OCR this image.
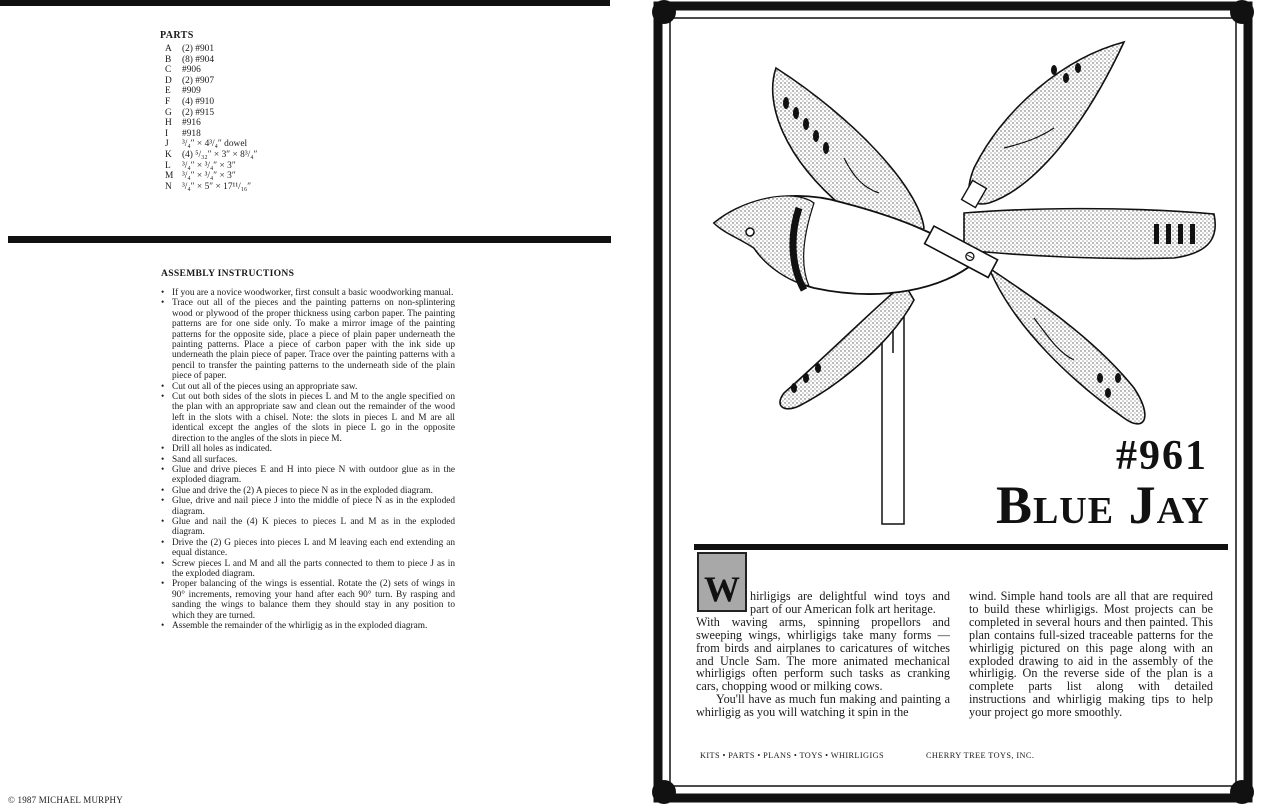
PARTS
A	(2) #901
B	(8) #904
C	#906
D	(2) #907
E	#909
F	(4) #910
G	(2) #915
H	#916
I	#918
J	³/₄″ × 4³/₄″ dowel
K	(4) ⁵/₃₂″ × 3″ × 8³/₄″
L	³/₄″ × ³/₄″ × 3″
M ³/₄″ × ³/₄″ × 3″
N	³/₄″ × 5″ × 17¹¹/₁₆″
ASSEMBLY INSTRUCTIONS
• If you are a novice woodworker, first consult a basic woodworking manual.
• Trace out all of the pieces and the painting patterns on non-splintering wood or plywood of the proper thickness using carbon paper. The painting patterns are for one side only. To make a mirror image of the painting patterns for the opposite side, place a piece of plain paper underneath the painting patterns. Place a piece of carbon paper with the ink side up underneath the plain piece of paper. Trace over the painting patterns with a pencil to transfer the painting patterns to the underneath side of the plain piece of paper.
• Cut out all of the pieces using an appropriate saw.
• Cut out both sides of the slots in pieces L and M to the angle specified on the plan with an appropriate saw and clean out the remainder of the wood left in the slots with a chisel. Note: the slots in pieces L and M are all identical except the angles of the slots in piece L go in the opposite direction to the angles of the slots in piece M.
• Drill all holes as indicated.
• Sand all surfaces.
• Glue and drive pieces E and H into piece N with outdoor glue as in the exploded diagram.
• Glue and drive the (2) A pieces to piece N as in the exploded diagram.
• Glue, drive and nail piece J into the middle of piece N as in the exploded diagram.
• Glue and nail the (4) K pieces to pieces L and M as in the exploded diagram.
• Drive the (2) G pieces into pieces L and M leaving each end extending an equal distance.
• Screw pieces L and M and all the parts connected to them to piece J as in the exploded diagram.
• Proper balancing of the wings is essential. Rotate the (2) sets of wings in 90° increments, removing your hand after each 90° turn. By rasping and sanding the wings to balance them they should stay in any position to which they are turned.
• Assemble the remainder of the whirligig as in the exploded diagram.
© 1987 MICHAEL MURPHY
#961
Blue Jay
W hirligigs are delightful wind toys and part of our American folk art heritage.
With waving arms, spinning propellors and sweeping wings, whirligigs take many forms — from birds and airplanes to caricatures of witches and Uncle Sam. The more animated mechanical whirligigs often perform such tasks as cranking cars, chopping wood or milking cows.

You'll have as much fun making and painting a whirligig as you will watching it spin in the

wind. Simple hand tools are all that are required to build these whirligigs. Most projects can be completed in several hours and then painted. This plan contains full-sized traceable patterns for the whirligig pictured on this page along with an exploded drawing to aid in the assembly of the whirligig. On the reverse side of the plan is a complete parts list along with detailed instructions and whirligig making tips to help your project go more smoothly.

KITS • PARTS • PLANS • TOYS • WHIRLIGIGS	CHERRY TREE TOYS, INC.
